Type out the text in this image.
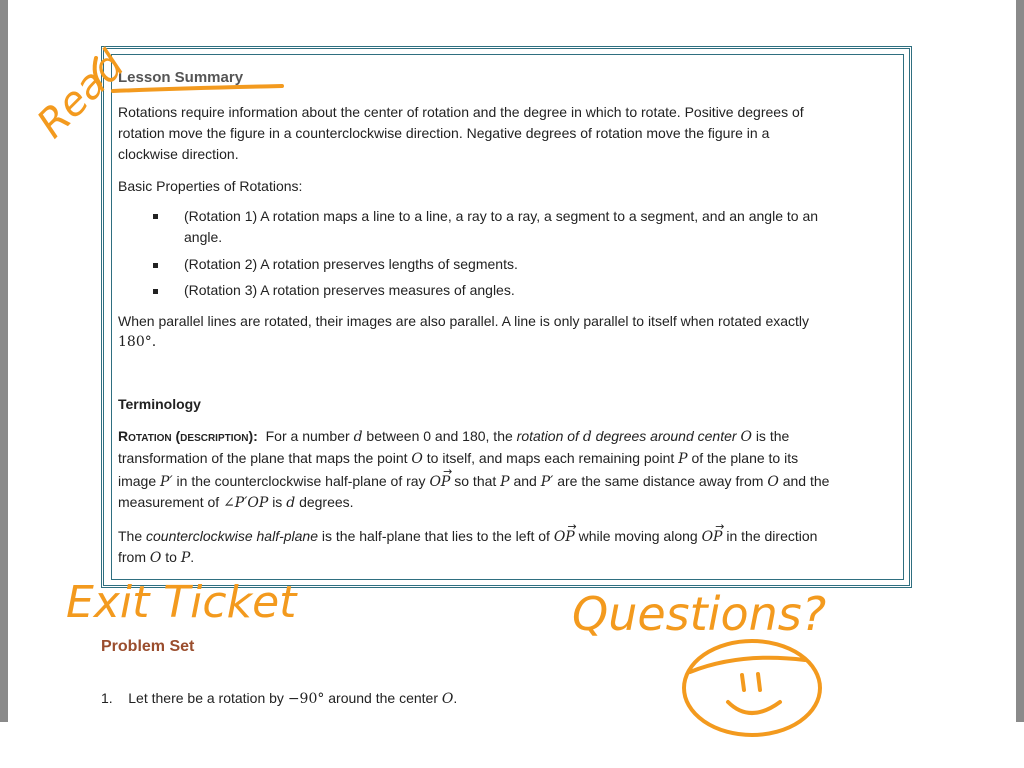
Lesson Summary
Rotations require information about the center of rotation and the degree in which to rotate. Positive degrees of
rotation move the figure in a counterclockwise direction. Negative degrees of rotation move the figure in a
clockwise direction.
Basic Properties of Rotations:
(Rotation 1) A rotation maps a line to a line, a ray to a ray, a segment to a segment, and an angle to an
angle.
(Rotation 2) A rotation preserves lengths of segments.
(Rotation 3) A rotation preserves measures of angles.
When parallel lines are rotated, their images are also parallel. A line is only parallel to itself when rotated exactly
180°.
Terminology
Rotation (description): For a number d between 0 and 180, the rotation of d degrees around center O is the
transformation of the plane that maps the point O to itself, and maps each remaining point P of the plane to its
image P′ in the counterclockwise half-plane of ray → OP so that P and P′ are the same distance away from O and the
measurement of ∠P′OP is d degrees.
The counterclockwise half-plane is the half-plane that lies to the left of → OP while moving along → OP in the direction
from O to P.
Problem Set
1. Let there be a rotation by −90° around the center O.
Read
Exit Ticket	Questions?
